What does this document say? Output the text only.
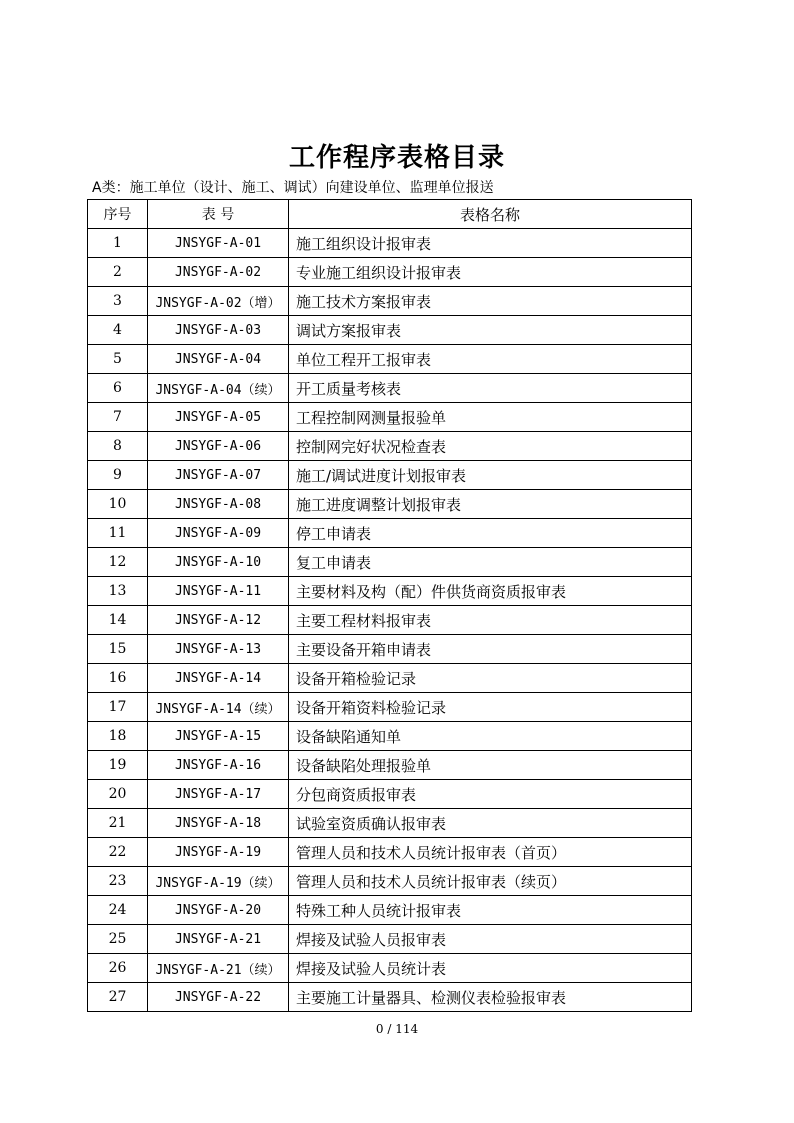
工作程序表格目录
A类：施工单位（设计、施工、调试）向建设单位、监理单位报送
序号	表 号	表格名称
1	JNSYGF-A-01	施工组织设计报审表
2	JNSYGF-A-02	专业施工组织设计报审表
3	JNSYGF-A-02（增）	施工技术方案报审表
4	JNSYGF-A-03	调试方案报审表
5	JNSYGF-A-04	单位工程开工报审表
6	JNSYGF-A-04（续）	开工质量考核表
7	JNSYGF-A-05	工程控制网测量报验单
8	JNSYGF-A-06	控制网完好状况检查表
9	JNSYGF-A-07	施工/调试进度计划报审表
10	JNSYGF-A-08	施工进度调整计划报审表
11	JNSYGF-A-09	停工申请表
12	JNSYGF-A-10	复工申请表
13	JNSYGF-A-11	主要材料及构（配）件供货商资质报审表
14	JNSYGF-A-12	主要工程材料报审表
15	JNSYGF-A-13	主要设备开箱申请表
16	JNSYGF-A-14	设备开箱检验记录
17	JNSYGF-A-14（续）	设备开箱资料检验记录
18	JNSYGF-A-15	设备缺陷通知单
19	JNSYGF-A-16	设备缺陷处理报验单
20	JNSYGF-A-17	分包商资质报审表
21	JNSYGF-A-18	试验室资质确认报审表
22	JNSYGF-A-19	管理人员和技术人员统计报审表（首页）
23	JNSYGF-A-19（续）	管理人员和技术人员统计报审表（续页）
24	JNSYGF-A-20	特殊工种人员统计报审表
25	JNSYGF-A-21	焊接及试验人员报审表
26	JNSYGF-A-21（续）	焊接及试验人员统计表
27	JNSYGF-A-22	主要施工计量器具、检测仪表检验报审表
0 / 114
